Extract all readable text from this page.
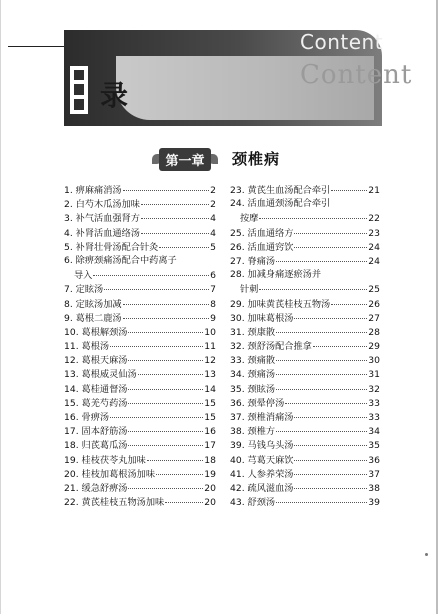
Content
Content
录
第一章	颈椎病
1. 痹麻痛消汤	2
2. 白芍木瓜汤加味	2
3. 补气活血强肾方	4
4. 补肾活血通络汤	4
5. 补肾壮骨汤配合针灸	5
6. 除痹颈痛汤配合中药离子
导入	6
7. 定眩汤	7
8. 定眩汤加减	8
9. 葛根二鹿汤	9
10. 葛根解颈汤	10
11. 葛根汤	11
12. 葛根天麻汤	12
13. 葛根威灵仙汤	13
14. 葛桂通督汤	14
15. 葛羌芍药汤	15
16. 骨痹汤	15
17. 固本舒筋汤	16
18. 归芪葛瓜汤	17
19. 桂枝茯苓丸加味	18
20. 桂枝加葛根汤加味	19
21. 缓急舒痹汤	20
22. 黄芪桂枝五物汤加味	20
23. 黄芪生血汤配合牵引	21
24. 活血通颈汤配合牵引
按摩	22
25. 活血通络方	23
26. 活血通窍饮	24
27. 脊痛汤	24
28. 加减身痛逐瘀汤并
针刺	25
29. 加味黄芪桂枝五物汤	26
30. 加味葛根汤	27
31. 颈康散	28
32. 颈舒汤配合推拿	29
33. 颈痛散	30
34. 颈痛汤	31
35. 颈眩汤	32
36. 颈晕停汤	33
37. 颈椎消痛汤	33
38. 颈椎方	34
39. 马钱乌头汤	35
40. 芎葛天麻饮	36
41. 人参养荣汤	37
42. 疏风滋血汤	38
43. 舒颈汤	39
